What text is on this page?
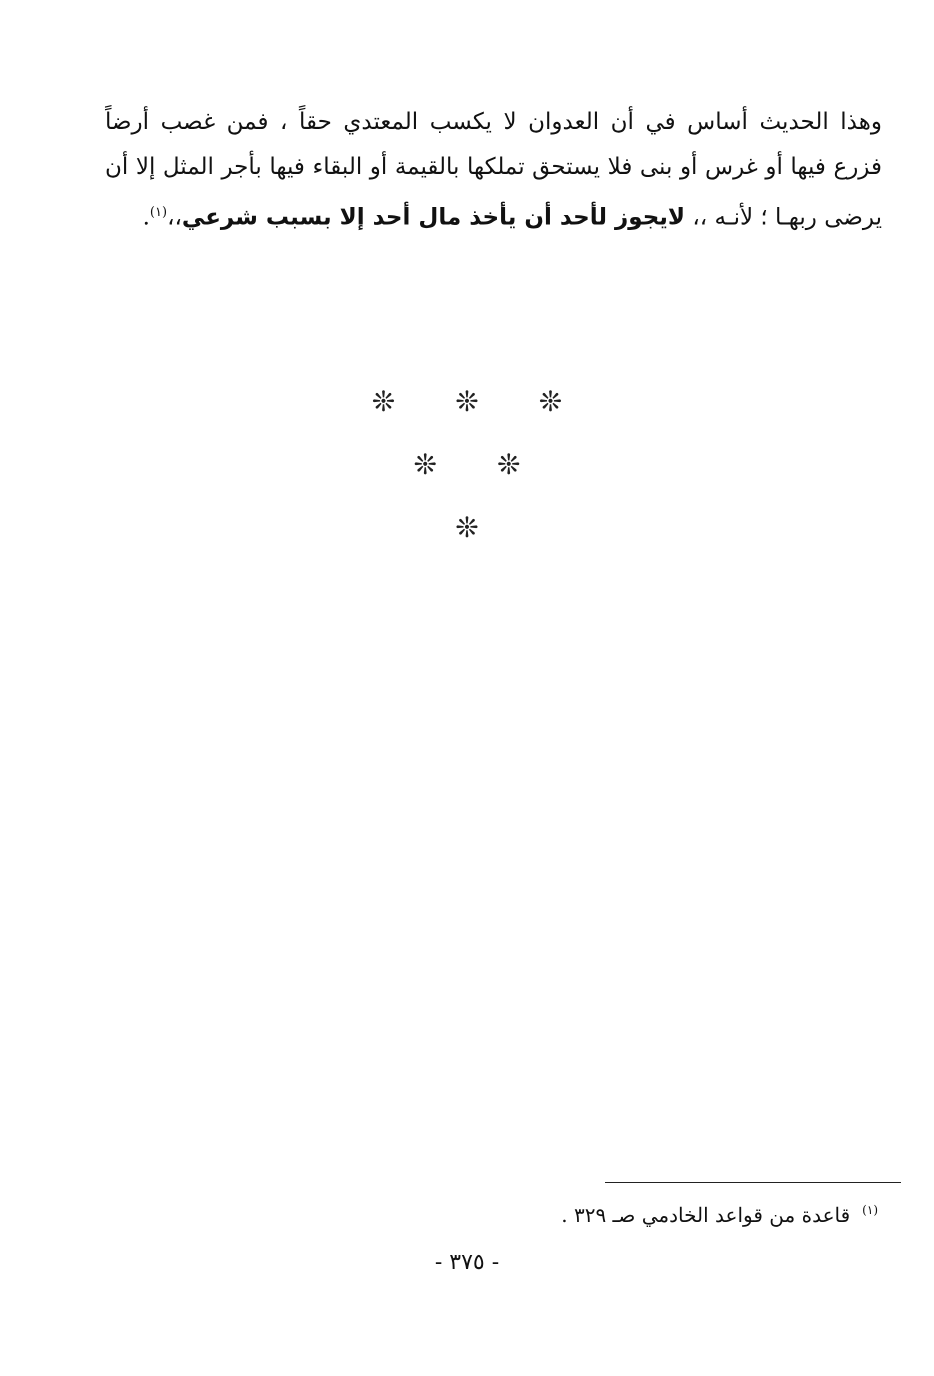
وهذا الحديث أساس في أن العدوان لا يكسب المعتدي حقاً ، فمن غصب أرضاً فزرع فيها أو غرس أو بنى فلا يستحق تملكها بالقيمة أو البقاء فيها بأجر المثل إلا أن يرضى ربهـا ؛ لأنـه ،، لايجوز لأحد أن يأخذ مال أحد إلا بسبب شرعي،،$^{(١)}$.

❊ ❊ ❊
❊ ❊
❊
$^{(١)}$قاعدة من قواعد الخادمي صـ ٣٢٩ .
- ٣٧٥ -
